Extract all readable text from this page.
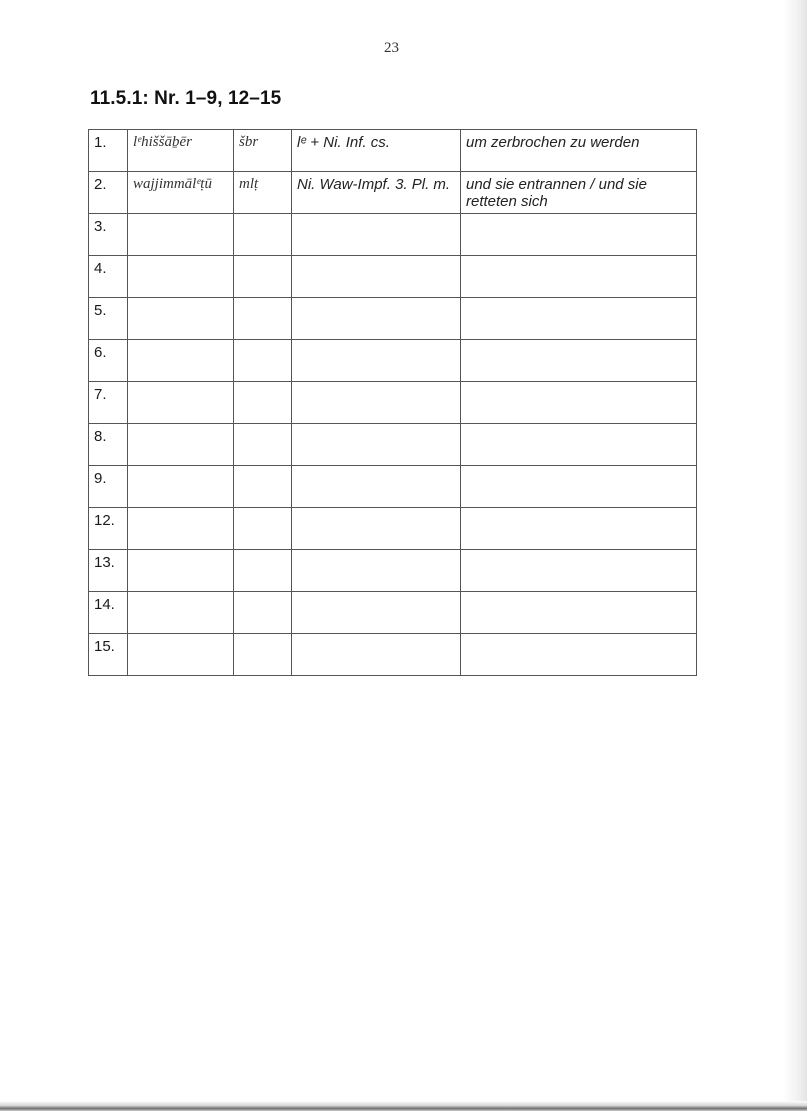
23
11.5.1: Nr. 1–9, 12–15
1.	lᵉhiššāḇēr	šbr	lᵉ + Ni. Inf. cs.	um zerbrochen zu werden
2.	wajjimmālᵉṭū	mlṭ	Ni. Waw-Impf. 3. Pl. m.	und sie entrannen / und sie retteten sich
3.				
4.				
5.				
6.				
7.				
8.				
9.				
12.				
13.				
14.				
15.				
